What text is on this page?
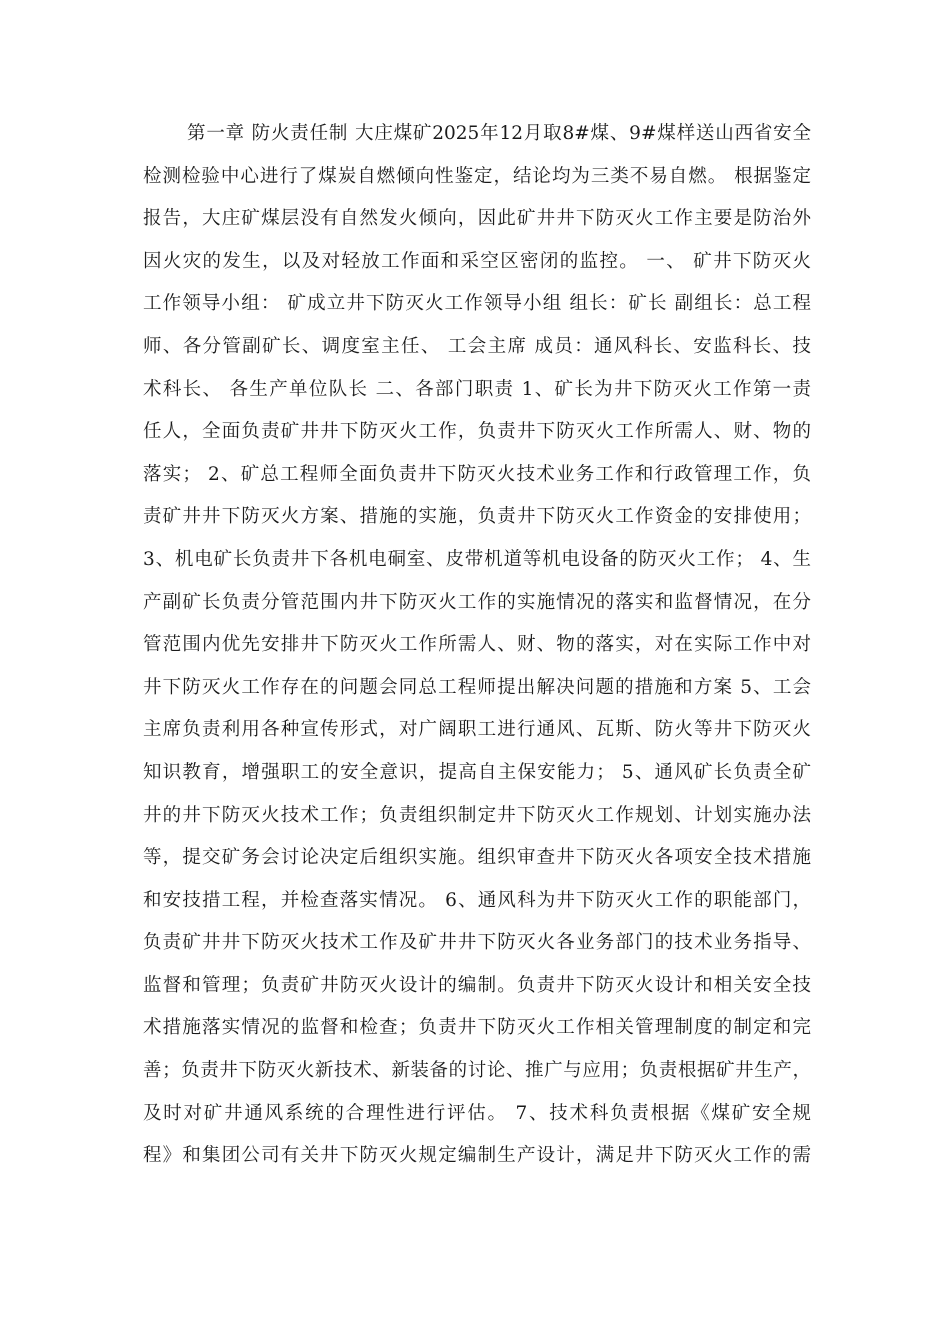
第一章 防火责任制 大庄煤矿2025年12月取8#煤、9#煤样送山西省安全
检测检验中心进行了煤炭自燃倾向性鉴定，结论均为三类不易自燃。 根据鉴定
报告，大庄矿煤层没有自然发火倾向，因此矿井井下防灭火工作主要是防治外
因火灾的发生，以及对轻放工作面和采空区密闭的监控。 一、 矿井下防灭火
工作领导小组： 矿成立井下防灭火工作领导小组 组长：矿长 副组长：总工程
师、各分管副矿长、调度室主任、 工会主席 成员：通风科长、安监科长、技
术科长、 各生产单位队长 二、各部门职责 1、矿长为井下防灭火工作第一责
任人，全面负责矿井井下防灭火工作，负责井下防灭火工作所需人、财、物的
落实； 2、矿总工程师全面负责井下防灭火技术业务工作和行政管理工作，负
责矿井井下防灭火方案、措施的实施，负责井下防灭火工作资金的安排使用；
3、机电矿长负责井下各机电硐室、皮带机道等机电设备的防灭火工作； 4、生
产副矿长负责分管范围内井下防灭火工作的实施情况的落实和监督情况，在分
管范围内优先安排井下防灭火工作所需人、财、物的落实，对在实际工作中对
井下防灭火工作存在的问题会同总工程师提出解决问题的措施和方案 5、工会
主席负责利用各种宣传形式，对广阔职工进行通风、瓦斯、防火等井下防灭火
知识教育，增强职工的安全意识，提高自主保安能力； 5、通风矿长负责全矿
井的井下防灭火技术工作；负责组织制定井下防灭火工作规划、计划实施办法
等，提交矿务会讨论决定后组织实施。组织审查井下防灭火各项安全技术措施
和安技措工程，并检查落实情况。 6、通风科为井下防灭火工作的职能部门，
负责矿井井下防灭火技术工作及矿井井下防灭火各业务部门的技术业务指导、
监督和管理；负责矿井防灭火设计的编制。负责井下防灭火设计和相关安全技
术措施落实情况的监督和检查；负责井下防灭火工作相关管理制度的制定和完
善；负责井下防灭火新技术、新装备的讨论、推广与应用；负责根据矿井生产，
及时对矿井通风系统的合理性进行评估。 7、技术科负责根据《煤矿安全规
程》和集团公司有关井下防灭火规定编制生产设计，满足井下防灭火工作的需
